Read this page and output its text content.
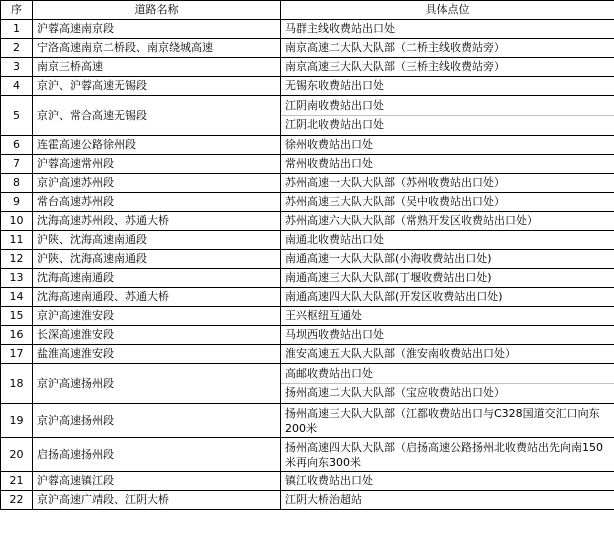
序	道路名称	具体点位
1	沪蓉高速南京段	马群主线收费站出口处
2	宁洛高速南京二桥段、南京绕城高速	南京高速二大队大队部（二桥主线收费站旁）
3	南京三桥高速	南京高速三大队大队部（三桥主线收费站旁）
4	京沪、沪蓉高速无锡段	无锡东收费站出口处
5	京沪、常合高速无锡段	江阴南收费站出口处
江阴北收费站出口处

6	连霍高速公路徐州段	徐州收费站出口处
7	沪蓉高速常州段	常州收费站出口处
8	京沪高速苏州段	苏州高速一大队大队部（苏州收费站出口处）
9	常台高速苏州段	苏州高速三大队大队部（吴中收费站出口处）
10	沈海高速苏州段、苏通大桥	苏州高速六大队大队部（常熟开发区收费站出口处）
11	沪陕、沈海高速南通段	南通北收费站出口处
12	沪陕、沈海高速南通段	南通高速一大队大队部(小海收费站出口处)
13	沈海高速南通段	南通高速三大队大队部(丁堰收费站出口处)
14	沈海高速南通段、苏通大桥	南通高速四大队大队部(开发区收费站出口处)
15	京沪高速淮安段	王兴枢纽互通处
16	长深高速淮安段	马坝西收费站出口处
17	盐淮高速淮安段	淮安高速五大队大队部（淮安南收费站出口处）
18	京沪高速扬州段	高邮收费站出口处
扬州高速二大队大队部（宝应收费站出口处）

19	京沪高速扬州段	扬州高速三大队大队部（江都收费站出口与C328国道交汇口向东200米
20	启扬高速扬州段	扬州高速四大队大队部（启扬高速公路扬州北收费站出先向南150米再向东300米
21	沪蓉高速镇江段	镇江收费站出口处
22	京沪高速广靖段、江阴大桥	江阴大桥治超站
